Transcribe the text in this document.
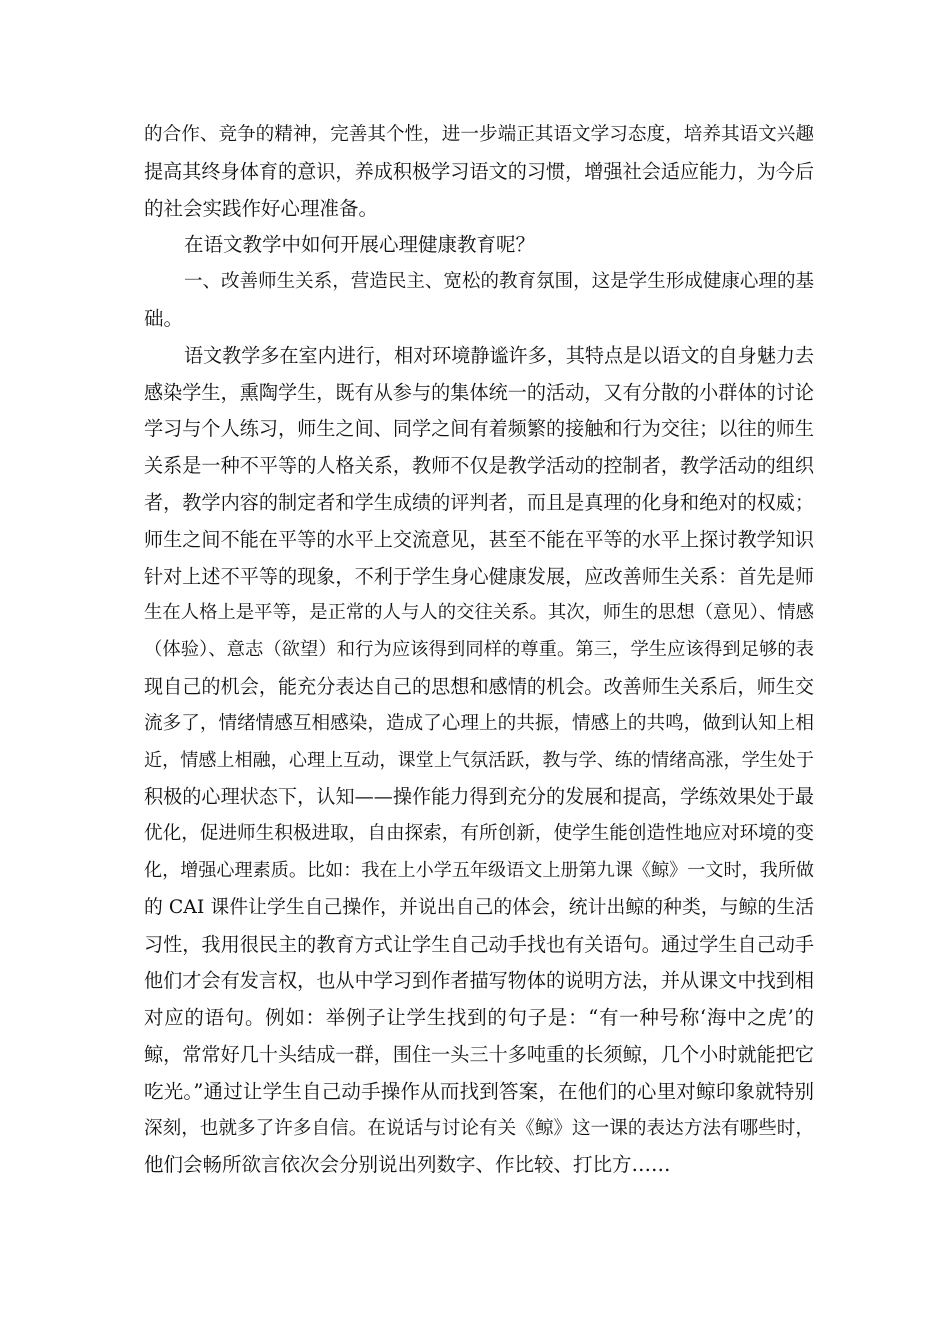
的合作、竞争的精神，完善其个性，进一步端正其语文学习态度，培养其语文兴趣
提高其终身体育的意识，养成积极学习语文的习惯，增强社会适应能力，为今后
的社会实践作好心理准备。
在语文教学中如何开展心理健康教育呢？
一、改善师生关系，营造民主、宽松的教育氛围，这是学生形成健康心理的基
础。
语文教学多在室内进行，相对环境静谧许多，其特点是以语文的自身魅力去
感染学生，熏陶学生，既有从参与的集体统一的活动，又有分散的小群体的讨论
学习与个人练习，师生之间、同学之间有着频繁的接触和行为交往；以往的师生
关系是一种不平等的人格关系，教师不仅是教学活动的控制者，教学活动的组织
者，教学内容的制定者和学生成绩的评判者，而且是真理的化身和绝对的权威；
师生之间不能在平等的水平上交流意见，甚至不能在平等的水平上探讨教学知识
针对上述不平等的现象，不利于学生身心健康发展，应改善师生关系：首先是师
生在人格上是平等，是正常的人与人的交往关系。其次，师生的思想（意见）、情感
（体验）、意志（欲望）和行为应该得到同样的尊重。第三，学生应该得到足够的表
现自己的机会，能充分表达自己的思想和感情的机会。改善师生关系后，师生交
流多了，情绪情感互相感染，造成了心理上的共振，情感上的共鸣，做到认知上相
近，情感上相融，心理上互动，课堂上气氛活跃，教与学、练的情绪高涨，学生处于
积极的心理状态下，认知——操作能力得到充分的发展和提高，学练效果处于最
优化，促进师生积极进取，自由探索，有所创新，使学生能创造性地应对环境的变
化，增强心理素质。比如：我在上小学五年级语文上册第九课《鲸》一文时，我所做
的 CAI 课件让学生自己操作，并说出自己的体会，统计出鲸的种类，与鲸的生活
习性，我用很民主的教育方式让学生自己动手找也有关语句。通过学生自己动手
他们才会有发言权，也从中学习到作者描写物体的说明方法，并从课文中找到相
对应的语句。例如：举例子让学生找到的句子是：“有一种号称‘海中之虎’的
鲸，常常好几十头结成一群，围住一头三十多吨重的长须鲸，几个小时就能把它
吃光。”通过让学生自己动手操作从而找到答案，在他们的心里对鲸印象就特别
深刻，也就多了许多自信。在说话与讨论有关《鲸》这一课的表达方法有哪些时，
他们会畅所欲言依次会分别说出列数字、作比较、打比方……
